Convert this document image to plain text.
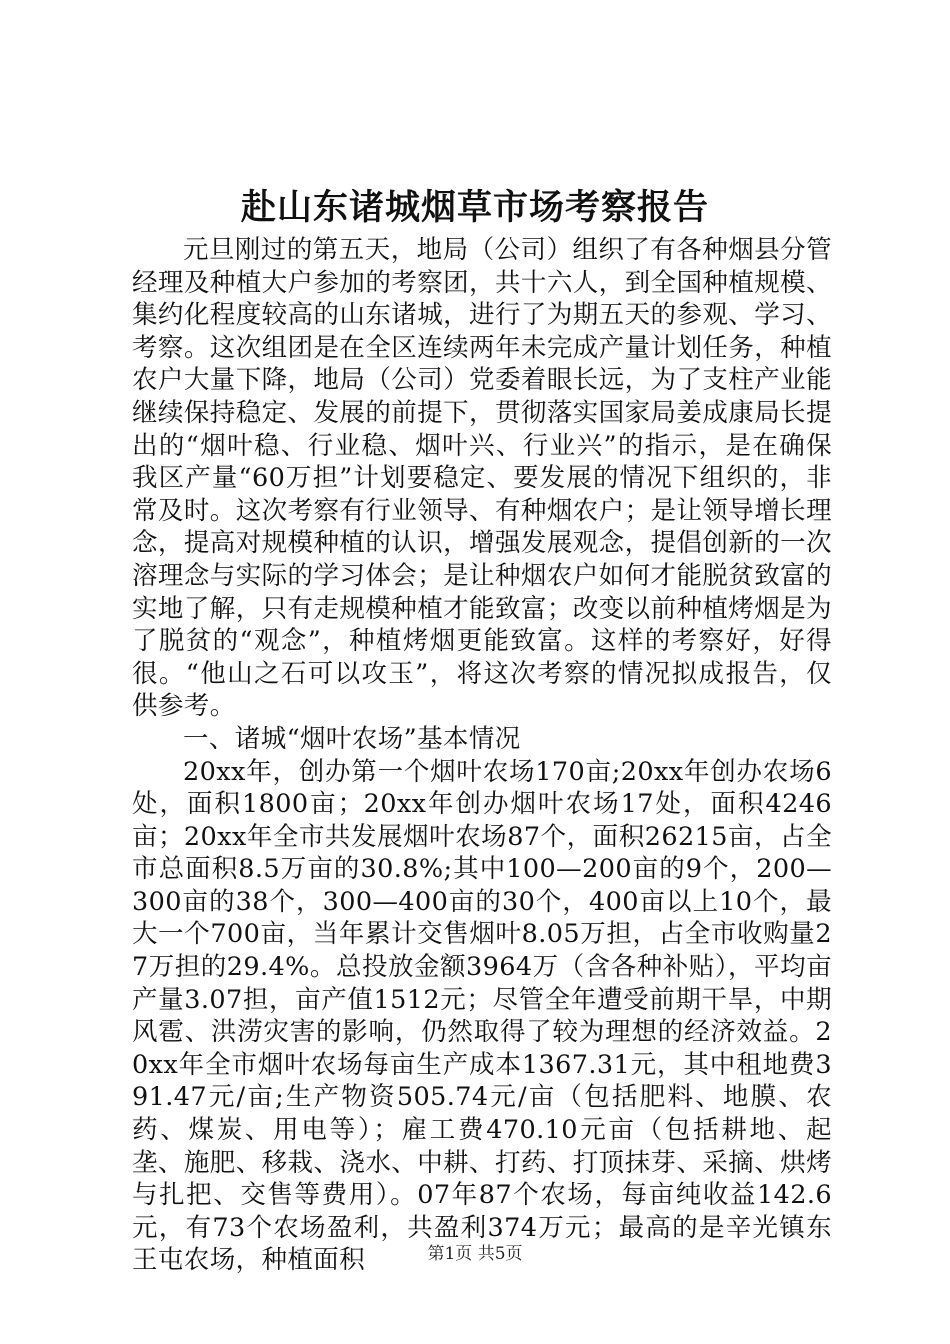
赴山东诸城烟草市场考察报告

元旦刚过的第五天，地局（公司）组织了有各种烟县分管经理及种植大户参加的考察团，共十六人，到全国种植规模、集约化程度较高的山东诸城，进行了为期五天的参观、学习、考察。这次组团是在全区连续两年未完成产量计划任务，种植农户大量下降，地局（公司）党委着眼长远，为了支柱产业能继续保持稳定、发展的前提下，贯彻落实国家局姜成康局长提出的“烟叶稳、行业稳、烟叶兴、行业兴”的指示，是在确保我区产量“60万担”计划要稳定、要发展的情况下组织的，非常及时。这次考察有行业领导、有种烟农户；是让领导增长理念，提高对规模种植的认识，增强发展观念，提倡创新的一次溶理念与实际的学习体会；是让种烟农户如何才能脱贫致富的实地了解，只有走规模种植才能致富；改变以前种植烤烟是为了脱贫的“观念”，种植烤烟更能致富。这样的考察好，好得很。“他山之石可以攻玉”，将这次考察的情况拟成报告，仅供参考。

一、诸城“烟叶农场”基本情况

20xx年，创办第一个烟叶农场170亩;20xx年创办农场6处，面积1800亩；20xx年创办烟叶农场17处，面积4246亩；20xx年全市共发展烟叶农场87个，面积26215亩，占全市总面积8.5万亩的30.8%;其中100—200亩的9个，200—300亩的38个，300—400亩的30个，400亩以上10个，最大一个700亩，当年累计交售烟叶8.05万担，占全市收购量27万担的29.4%。总投放金额3964万（含各种补贴），平均亩产量3.07担，亩产值1512元；尽管全年遭受前期干旱，中期风雹、洪涝灾害的影响，仍然取得了较为理想的经济效益。20xx年全市烟叶农场每亩生产成本1367.31元，其中租地费391.47元/亩;生产物资505.74元/亩（包括肥料、地膜、农药、煤炭、用电等）；雇工费470.10元亩（包括耕地、起垄、施肥、移栽、浇水、中耕、打药、打顶抹芽、采摘、烘烤与扎把、交售等费用）。07年87个农场，每亩纯收益142.6元，有73个农场盈利，共盈利374万元；最高的是辛光镇东王屯农场，种植面积	第1页 共5页
